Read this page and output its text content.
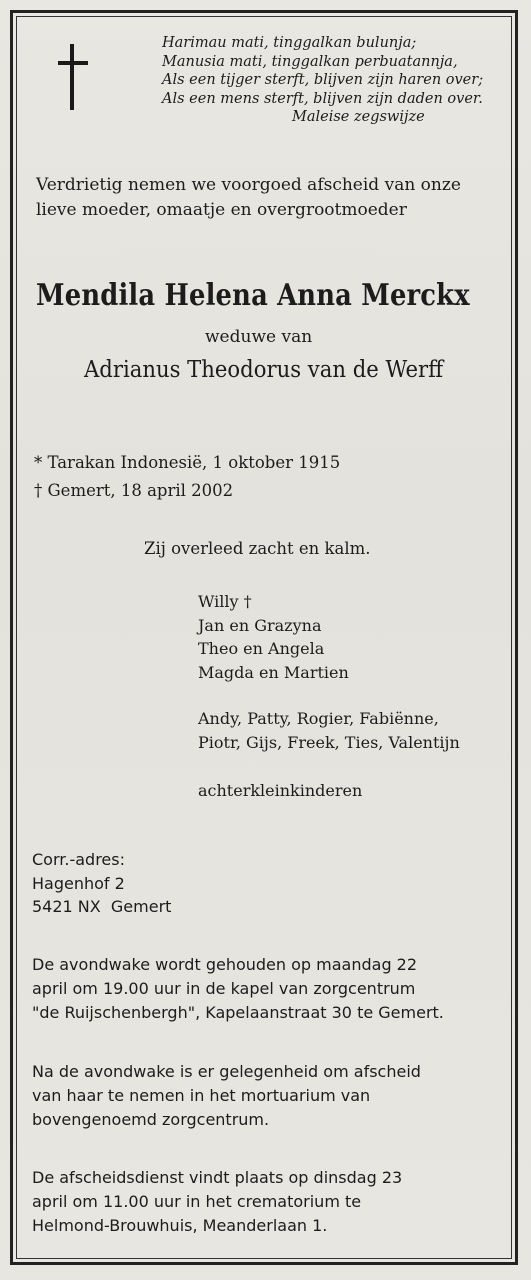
Harimau mati, tinggalkan bulunja;
Manusia mati, tinggalkan perbuatannja,
Als een tijger sterft, blijven zijn haren over;
Als een mens sterft, blijven zijn daden over.
Maleise zegswijze
Verdrietig nemen we voorgoed afscheid van onze
lieve moeder, omaatje en overgrootmoeder
Mendila Helena Anna Merckx
weduwe van
Adrianus Theodorus van de Werff
* Tarakan Indonesië, 1 oktober 1915
† Gemert, 18 april 2002
Zij overleed zacht en kalm.
Willy †
Jan en Grazyna
Theo en Angela
Magda en Martien
Andy, Patty, Rogier, Fabiënne,
Piotr, Gijs, Freek, Ties, Valentijn
achterkleinkinderen
Corr.-adres:
Hagenhof 2
5421 NX  Gemert
De avondwake wordt gehouden op maandag 22
april om 19.00 uur in de kapel van zorgcentrum
"de Ruijschenbergh", Kapelaanstraat 30 te Gemert.
Na de avondwake is er gelegenheid om afscheid
van haar te nemen in het mortuarium van
bovengenoemd zorgcentrum.
De afscheidsdienst vindt plaats op dinsdag 23
april om 11.00 uur in het crematorium te
Helmond-Brouwhuis, Meanderlaan 1.
